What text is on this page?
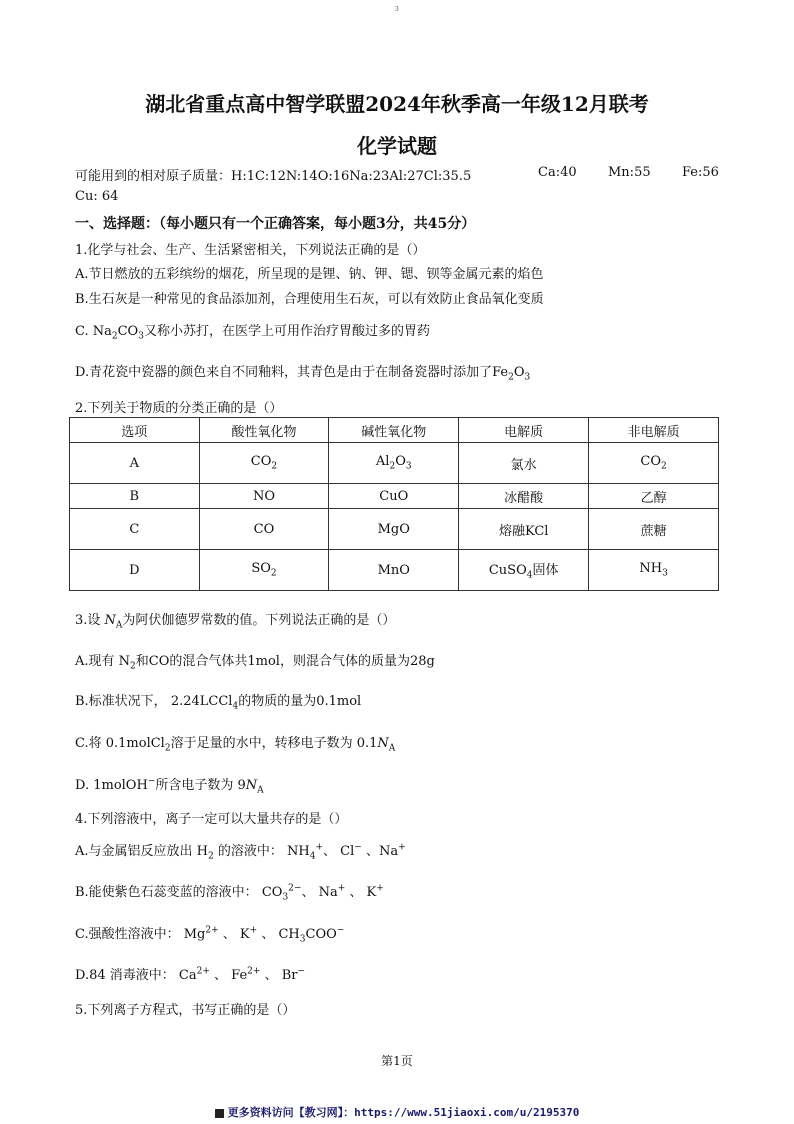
3
湖北省重点高中智学联盟2024年秋季高一年级12月联考
化学试题
可能用到的相对原子质量：H:1C:12N:14O:16Na:23Al:27Cl:35.5	Ca:40 Mn:55 Fe:56
Cu: 64
一、选择题：（每小题只有一个正确答案，每小题3分，共45分）
1.化学与社会、生产、生活紧密相关，下列说法正确的是（）
A.节日燃放的五彩缤纷的烟花，所呈现的是锂、钠、钾、锶、钡等金属元素的焰色
B.生石灰是一种常见的食品添加剂，合理使用生石灰，可以有效防止食品氧化变质
C. $Na_2CO_3$又称小苏打，在医学上可用作治疗胃酸过多的胃药
D.青花瓷中瓷器的颜色来自不同釉料，其青色是由于在制备瓷器时添加了$Fe_2O_3$
2.下列关于物质的分类正确的是（）
选项	酸性氧化物	碱性氧化物	电解质	非电解质
A	$CO_2$	$Al_2O_3$	氯水	$CO_2$
B	NO	CuO	冰醋酸	乙醇
C	CO	MgO	熔融KCl	蔗糖
D	$SO_2$	MnO	CuSO$_4$固体	$NH_3$
3.设 $N_A$为阿伏伽德罗常数的值。下列说法正确的是（）
A.现有 $N_2$和CO的混合气体共1mol，则混合气体的质量为28g
B.标准状况下， 2.24LCCl$_4$的物质的量为0.1mol
C.将 0.1molCl$_2$溶于足量的水中，转移电子数为 $0.1N_A$
D. 1molOH−所含电子数为 $9N_A$
4.下列溶液中，离子一定可以大量共存的是（）
A.与金属铝反应放出 $H_2$ 的溶液中： $NH_4^+$、 Cl− 、Na+
B.能使紫色石蕊变蓝的溶液中： $CO_3^{2-}$、 Na+ 、 K+
C.强酸性溶液中： $Mg^{2+}$ 、 K+ 、 $CH_3COO^-$
D.84 消毒液中： $Ca^{2+}$ 、 $Fe^{2+}$ 、 Br−
5.下列离子方程式，书写正确的是（）
第1页
更多资料访问【教习网】：https://www.51jiaoxi.com/u/2195370
